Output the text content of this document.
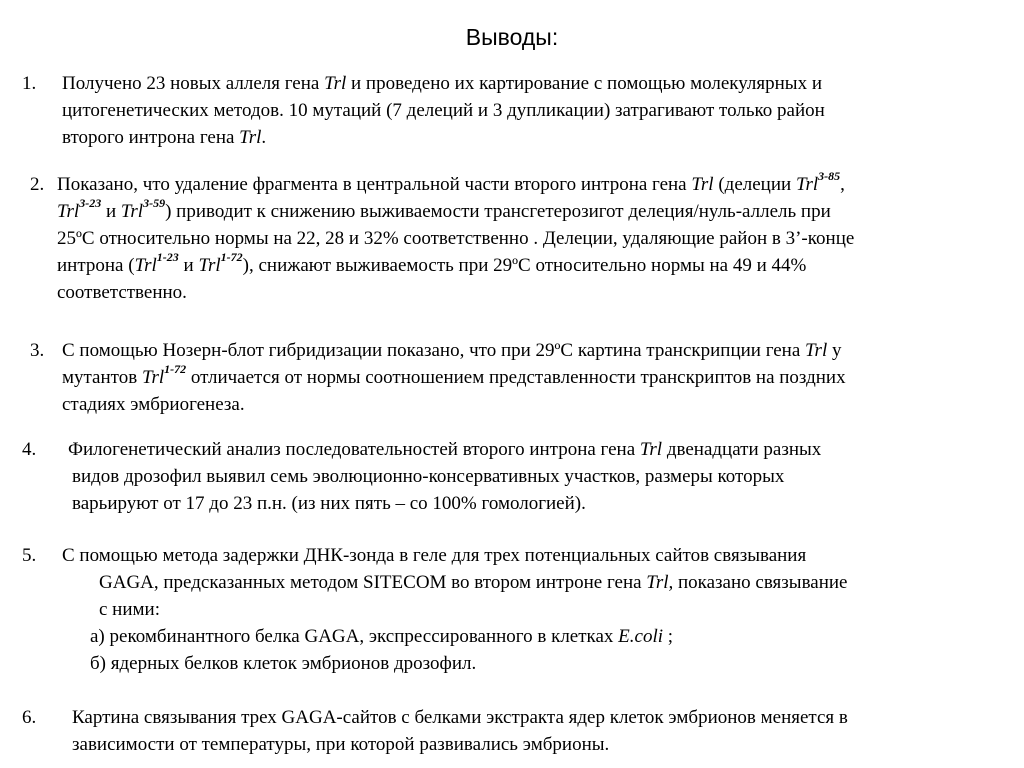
Выводы:
1. Получено 23 новых аллеля гена Trl и проведено их картирование с помощью молекулярных и
цитогенетических методов. 10 мутаций (7 делеций и 3 дупликации) затрагивают только район
второго интрона гена Trl.
2. Показано, что удаление фрагмента в центральной части второго интрона гена Trl (делеции Trl$^{3-85}$,
Trl$^{3-23}$ и Trl$^{3-59}$) приводит к снижению выживаемости трансгетерозигот делеция/нуль-аллель при
25ºС относительно нормы на 22, 28 и 32% соответственно . Делеции, удаляющие район в 3’-конце
интрона (Trl$^{1-23}$ и Trl$^{1-72}$), снижают выживаемость при 29ºС относительно нормы на 49 и 44%
соответственно.
3. С помощью Нозерн-блот гибридизации показано, что при 29ºС картина транскрипции гена Trl у
мутантов Trl$^{1-72}$ отличается от нормы соотношением представленности транскриптов на поздних
стадиях эмбриогенеза.
4. Филогенетический анализ последовательностей второго интрона гена Trl двенадцати разных
видов дрозофил выявил семь эволюционно-консервативных участков, размеры которых
варьируют от 17 до 23 п.н. (из них пять – со 100% гомологией).
5. С помощью метода задержки ДНК-зонда в геле для трех потенциальных сайтов связывания
GAGA, предсказанных методом SITECOM во втором интроне гена Trl, показано связывание
с ними:
а) рекомбинантного белка GAGA, экспрессированного в клетках E.coli ;
б) ядерных белков клеток эмбрионов дрозофил.
6. Картина связывания трех GAGA-сайтов с белками экстракта ядер клеток эмбрионов меняется в
зависимости от температуры, при которой развивались эмбрионы.
